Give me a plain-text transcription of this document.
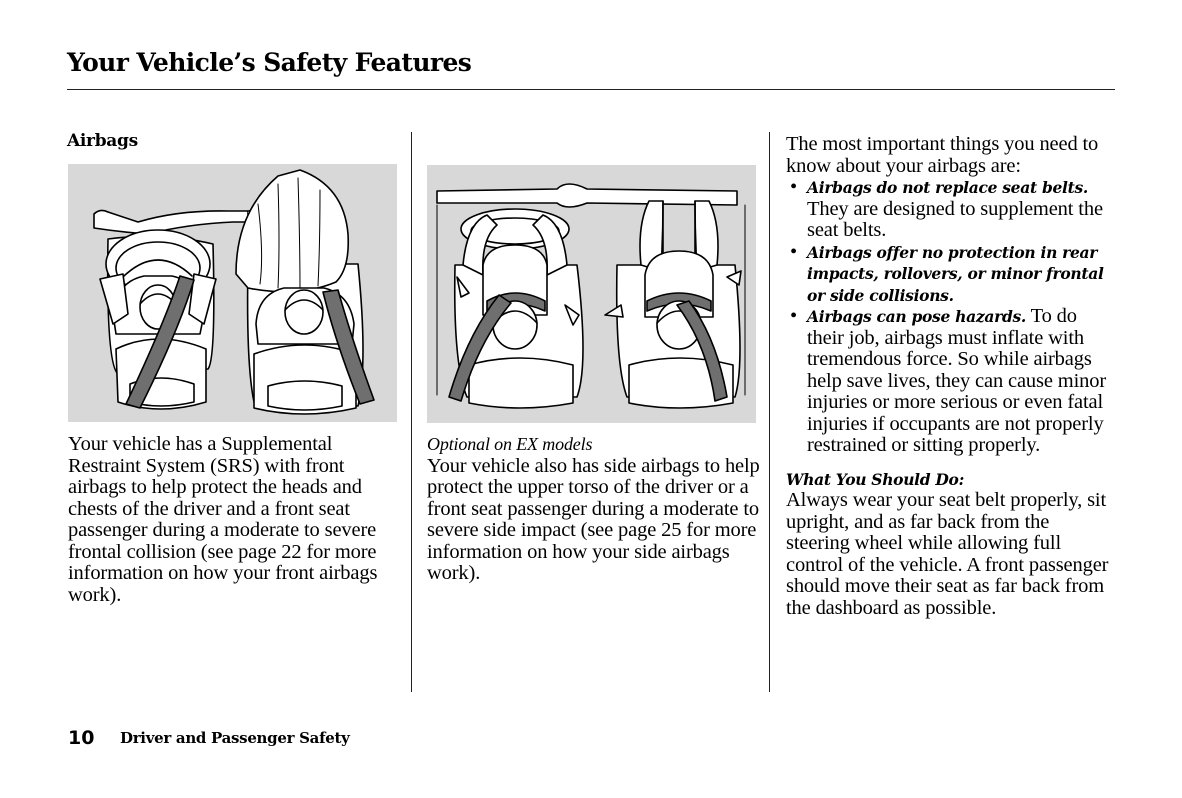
Your Vehicle’s Safety Features
Airbags

Your vehicle has a Supplemental Restraint System (SRS) with front airbags to help protect the heads and chests of the driver and a front seat passenger during a moderate to severe frontal collision (see page 22 for more information on how your front airbags work).

Optional on EX models

Your vehicle also has side airbags to help protect the upper torso of the driver or a front seat passenger during a moderate to severe side impact (see page 25 for more information on how your side airbags work).

The most important things you need to know about your airbags are:

• Airbags do not replace seat belts. They are designed to supplement the seat belts.
• Airbags offer no protection in rear impacts, rollovers, or minor frontal or side collisions.
• Airbags can pose hazards. To do their job, airbags must inflate with tremendous force. So while airbags help save lives, they can cause minor injuries or more serious or even fatal injuries if occupants are not properly restrained or sitting properly.

What You Should Do:

Always wear your seat belt properly, sit upright, and as far back from the steering wheel while allowing full control of the vehicle. A front passenger should move their seat as far back from the dashboard as possible.

10 Driver and Passenger Safety
